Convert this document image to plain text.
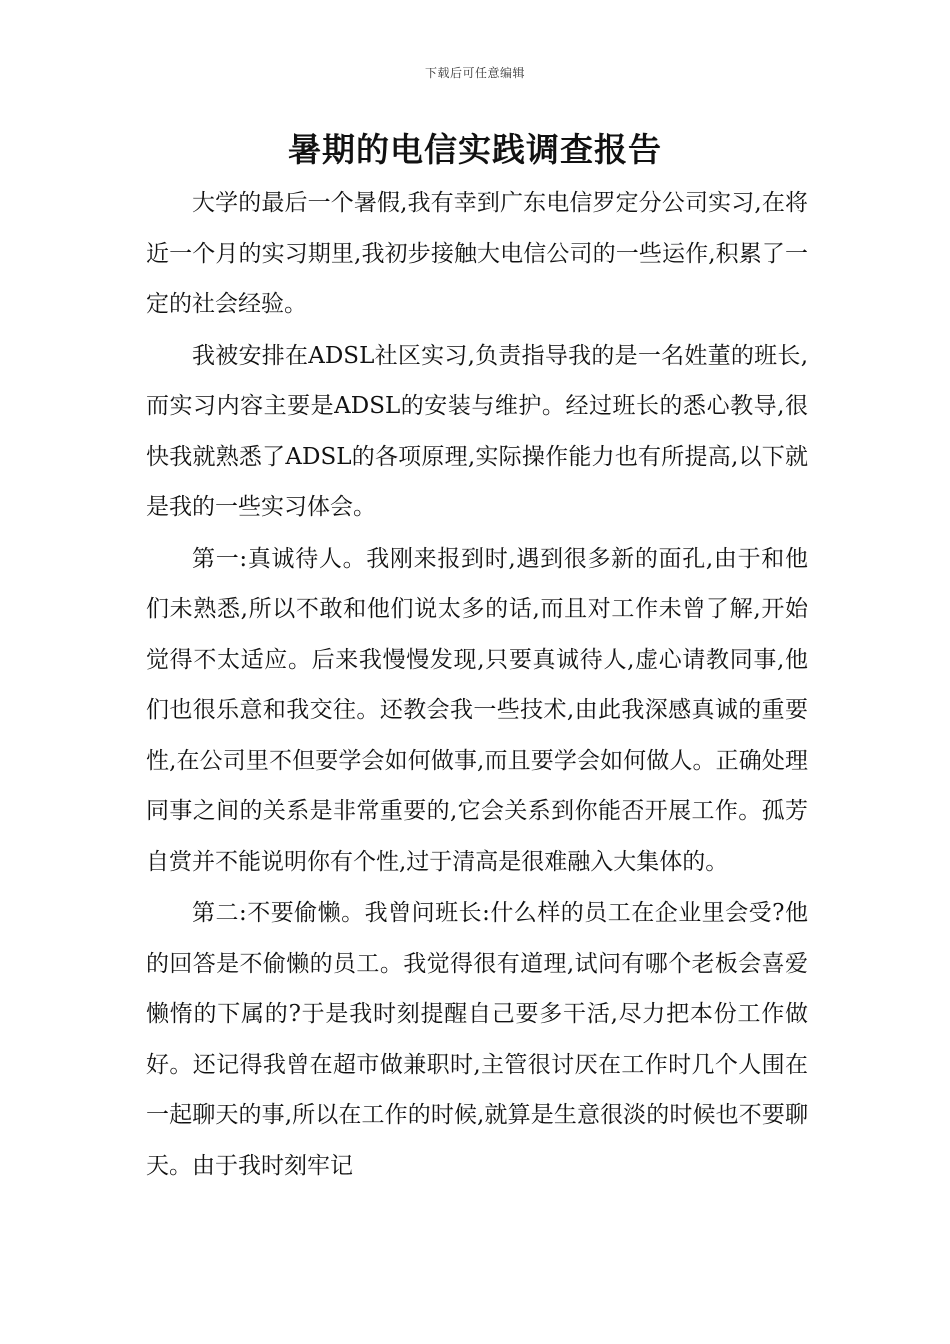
下载后可任意编辑
暑期的电信实践调查报告

大学的最后一个暑假,我有幸到广东电信罗定分公司实习,在将近一个月的实习期里,我初步接触大电信公司的一些运作,积累了一定的社会经验。

我被安排在ADSL社区实习,负责指导我的是一名姓董的班长,而实习内容主要是ADSL的安装与维护。经过班长的悉心教导,很快我就熟悉了ADSL的各项原理,实际操作能力也有所提高,以下就是我的一些实习体会。

第一:真诚待人。我刚来报到时,遇到很多新的面孔,由于和他们未熟悉,所以不敢和他们说太多的话,而且对工作未曾了解,开始觉得不太适应。后来我慢慢发现,只要真诚待人,虚心请教同事,他们也很乐意和我交往。还教会我一些技术,由此我深感真诚的重要性,在公司里不但要学会如何做事,而且要学会如何做人。正确处理同事之间的关系是非常重要的,它会关系到你能否开展工作。孤芳自赏并不能说明你有个性,过于清高是很难融入大集体的。

第二:不要偷懒。我曾问班长:什么样的员工在企业里会受?他的回答是不偷懒的员工。我觉得很有道理,试问有哪个老板会喜爱懒惰的下属的?于是我时刻提醒自己要多干活,尽力把本份工作做好。还记得我曾在超市做兼职时,主管很讨厌在工作时几个人围在一起聊天的事,所以在工作的时候,就算是生意很淡的时候也不要聊天。由于我时刻牢记
